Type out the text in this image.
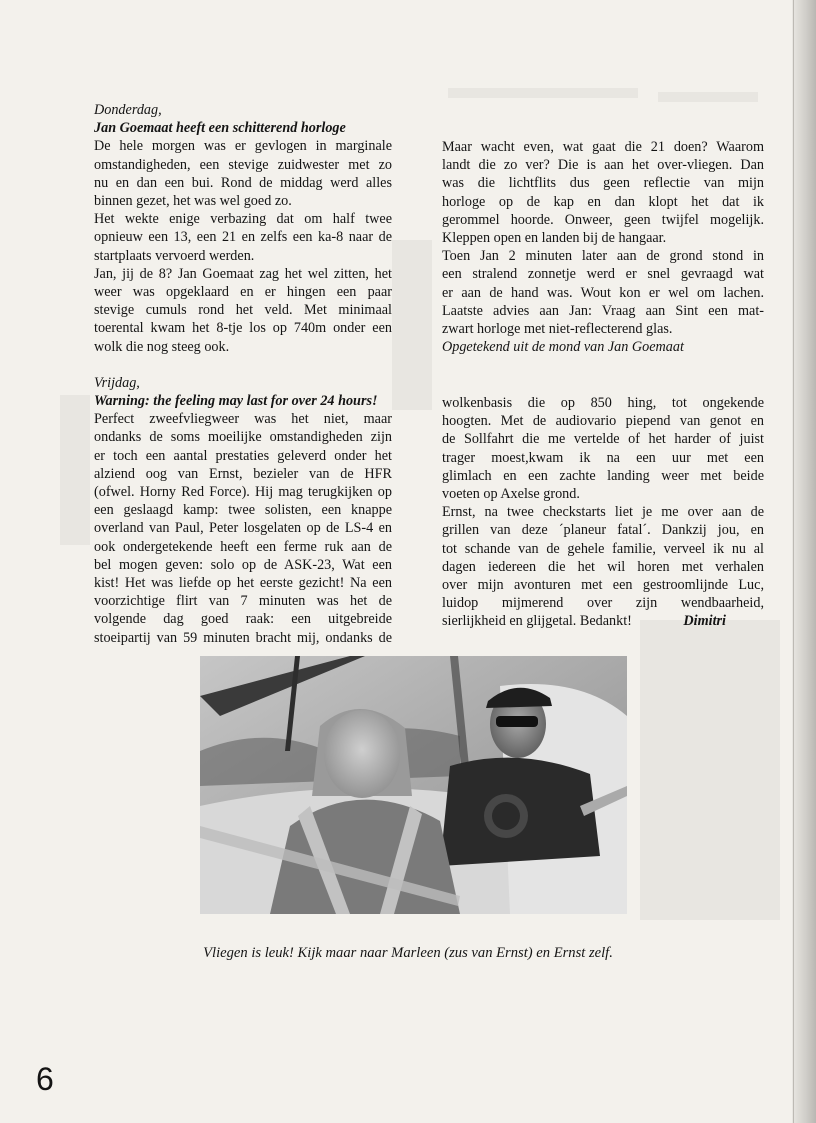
Donderdag,

Jan Goemaat heeft een schitterend horloge

De hele morgen was er gevlogen in marginale

omstandigheden, een stevige zuidwester met zo

nu en dan een bui. Rond de middag werd alles

binnen gezet, het was wel goed zo.

Het wekte enige verbazing dat om half twee

opnieuw een 13, een 21 en zelfs een ka-8 naar de

startplaats vervoerd werden.

Jan, jij de 8? Jan Goemaat zag het wel zitten, het

weer was opgeklaard en er hingen een paar

stevige cumuls rond het veld. Met minimaal

toerental kwam het 8-tje los op 740m onder een

wolk die nog steeg ook.

Vrijdag,

Warning: the feeling may last for over 24 hours!

Perfect zweefvliegweer was het niet, maar

ondanks de soms moeilijke omstandigheden zijn

er toch een aantal prestaties geleverd onder het

alziend oog van Ernst, bezieler van de HFR

(ofwel. Horny Red Force). Hij mag terugkijken op

een geslaagd kamp: twee solisten, een knappe

overland van Paul, Peter losgelaten op de LS-4 en

ook ondergetekende heeft een ferme ruk aan de

bel mogen geven: solo op de ASK-23, Wat een

kist! Het was liefde op het eerste gezicht! Na een

voorzichtige flirt van 7 minuten was het de

volgende dag goed raak: een uitgebreide

stoeipartij van 59 minuten bracht mij, ondanks de

Maar wacht even, wat gaat die 21 doen? Waarom

landt die zo ver? Die is aan het over-vliegen. Dan

was die lichtflits dus geen reflectie van mijn

horloge op de kap en dan klopt het dat ik

gerommel hoorde. Onweer, geen twijfel mogelijk.

Kleppen open en landen bij de hangaar.

Toen Jan 2 minuten later aan de grond stond in

een stralend zonnetje werd er snel gevraagd wat

er aan de hand was. Wout kon er wel om lachen.

Laatste advies aan Jan: Vraag aan Sint een mat-

zwart horloge met niet-reflecterend glas.

Opgetekend uit de mond van Jan Goemaat

wolkenbasis die op 850 hing, tot ongekende

hoogten. Met de audiovario piepend van genot en

de Sollfahrt die me vertelde of het harder of juist

trager moest,kwam ik na een uur met een

glimlach en een zachte landing weer met beide

voeten op Axelse grond.

Ernst, na twee checkstarts liet je me over aan de

grillen van deze ´planeur fatal´. Dankzij jou, en

tot schande van de gehele familie, verveel ik nu al

dagen iedereen die het wil horen met verhalen

over mijn avonturen met een gestroomlijnde Luc,

luidop mijmerend over zijn wendbaarheid,

sierlijkheid en glijgetal. Bedankt!	Dimitri

Vliegen is leuk! Kijk maar naar Marleen (zus van Ernst) en Ernst zelf.
6
